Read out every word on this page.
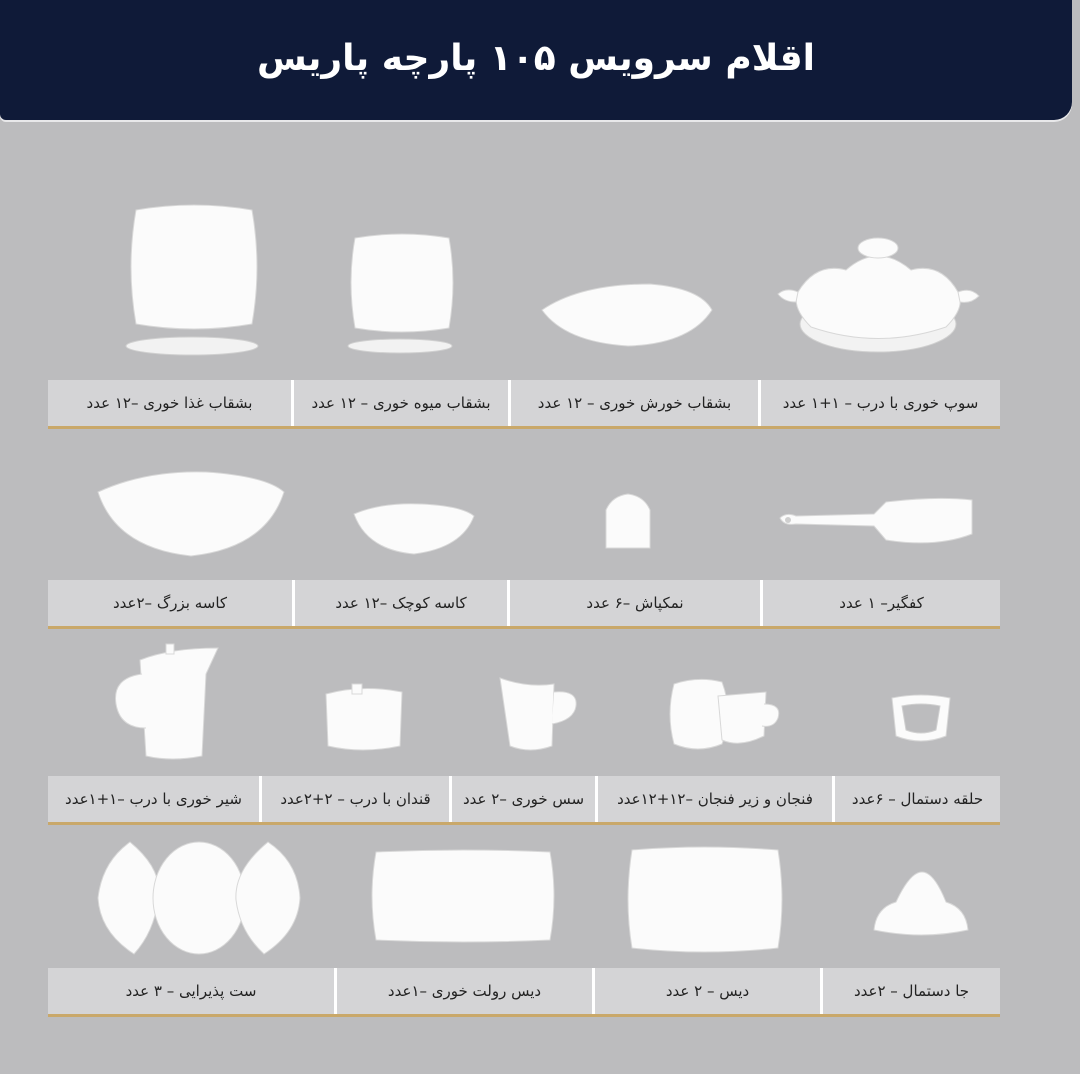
اقلام سرویس ۱۰۵ پارچه پاریس
سوپ خوری با درب – ۱+۱ عدد
بشقاب خورش خوری – ۱۲ عدد
بشقاب میوه خوری – ۱۲ عدد
بشقاب غذا خوری –۱۲ عدد
کفگیر– ۱ عدد
نمکپاش –۶ عدد
کاسه کوچک –۱۲ عدد
کاسه بزرگ –۲عدد
حلقه دستمال – ۶عدد
فنجان و زیر فنجان –۱۲+۱۲عدد
سس خوری –۲ عدد
قندان با درب – ۲+۲عدد
شیر خوری با درب –۱+۱عدد
جا دستمال – ۲عدد
دیس – ۲ عدد
دیس رولت خوری –۱عدد
ست پذیرایی – ۳ عدد
